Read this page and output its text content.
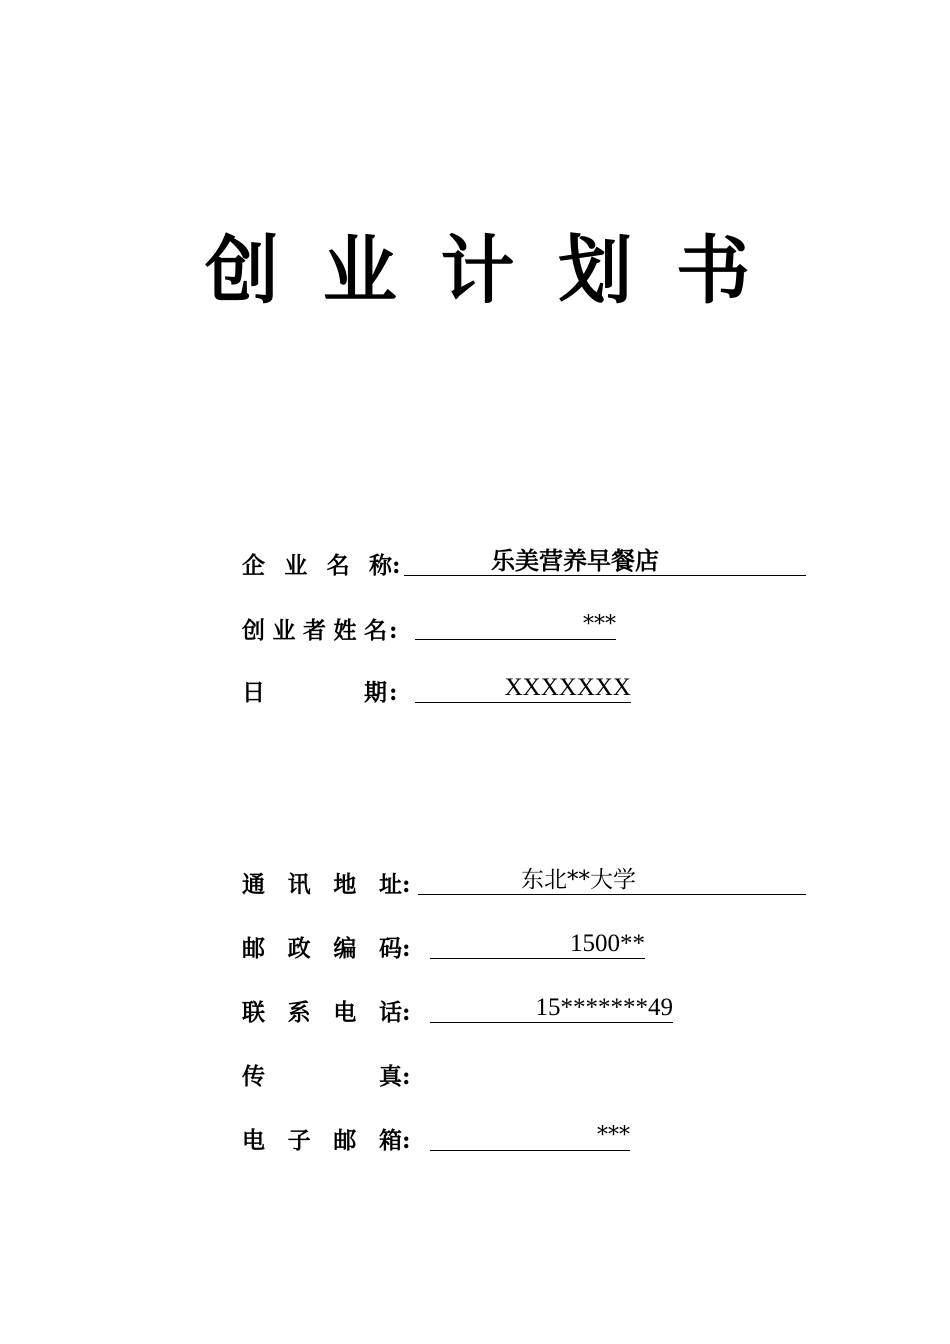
创 业 计 划 书
企 业 名 称 :	乐美营养早餐店
创 业 者 姓 名 :	***
日	期 :	XXXXXXX
通 讯 地 址 :	东北**大学
邮 政 编 码 :	1500**
联 系 电 话 :	15*******49
传	真 :
电 子 邮 箱 :	***
